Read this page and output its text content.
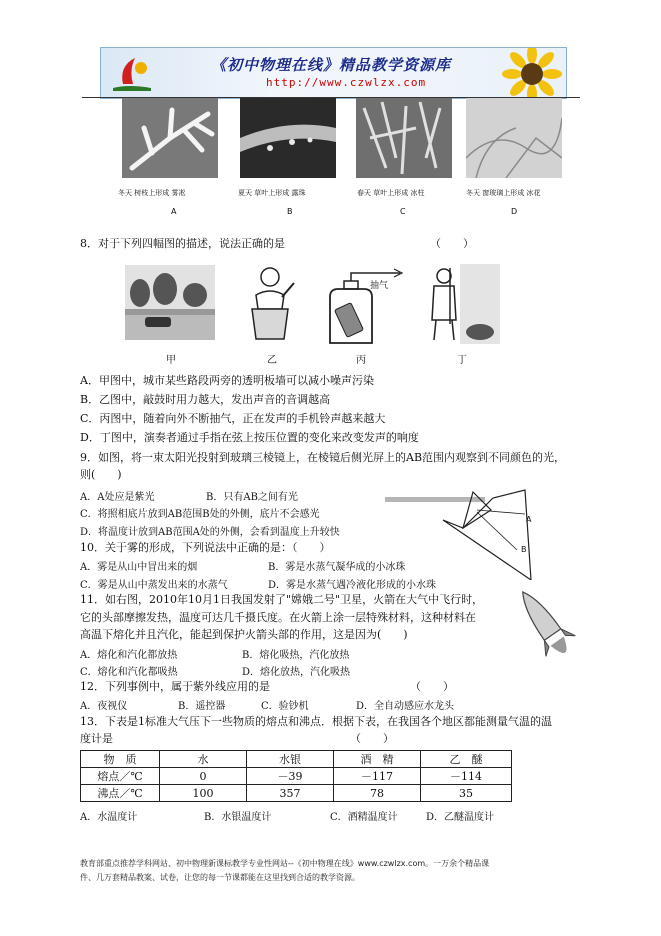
《初中物理在线》精品教学资源库
http://www.czwlzx.com
冬天 树枝上形成 雾凇	夏天 草叶上形成 露珠	春天 草叶上形成 冰柱	冬天 窗玻璃上形成 冰花
A	B	C	D
8．对于下列四幅图的描述，说法正确的是	（　　）
抽气
甲	乙	丙	丁
A．甲图中，城市某些路段两旁的透明板墙可以减小噪声污染
B．乙图中，敲鼓时用力越大，发出声音的音调越高
C．丙图中，随着向外不断抽气，正在发声的手机铃声越来越大
D．丁图中，演奏者通过手指在弦上按压位置的变化来改变发声的响度
9．如图，将一束太阳光投射到玻璃三棱镜上，在棱镜后侧光屏上的AB范围内观察到不同颜色的光，
则(　　)
A．A处应是紫光	B．只有AB之间有光
C．将照相底片放到AB范围B处的外侧，底片不会感光
D．将温度计放到AB范围A处的外侧，会看到温度上升较快
A
B
10．关于雾的形成，下列说法中正确的是：（　　）
A．雾是从山中冒出来的烟	B．雾是水蒸气凝华成的小冰珠
C．雾是从山中蒸发出来的水蒸气	D．雾是水蒸气遇冷液化形成的小水珠
11．如右图，2010年10月1日我国发射了"嫦娥二号"卫星，火箭在大气中飞行时，
它的头部摩擦发热，温度可达几千摄氏度。在火箭上涂一层特殊材料，这种材料在
高温下熔化并且汽化，能起到保护火箭头部的作用，这是因为(　　)
A．熔化和汽化都放热	B．熔化吸热，汽化放热
C．熔化和汽化都吸热	D．熔化放热，汽化吸热
12．下列事例中，属于紫外线应用的是	（　　）
A．夜视仪	B．遥控器	C．验钞机	D．全自动感应水龙头
13．下表是1标准大气压下一些物质的熔点和沸点．根据下表，在我国各个地区都能测量气温的温
度计是	（　　）
物　质	水	水银	酒　精	乙　醚
熔点／℃	0	－39	－117	－114
沸点／℃	100	357	78	35
A．水温度计	B．水银温度计	C．酒精温度计	D．乙醚温度计
教育部重点推荐学科网站、初中物理新课标教学专业性网站--《初中物理在线》www.czwlzx.com。一万余个精品课
件、几万套精品教案、试卷，让您的每一节课都能在这里找到合适的教学资源。
